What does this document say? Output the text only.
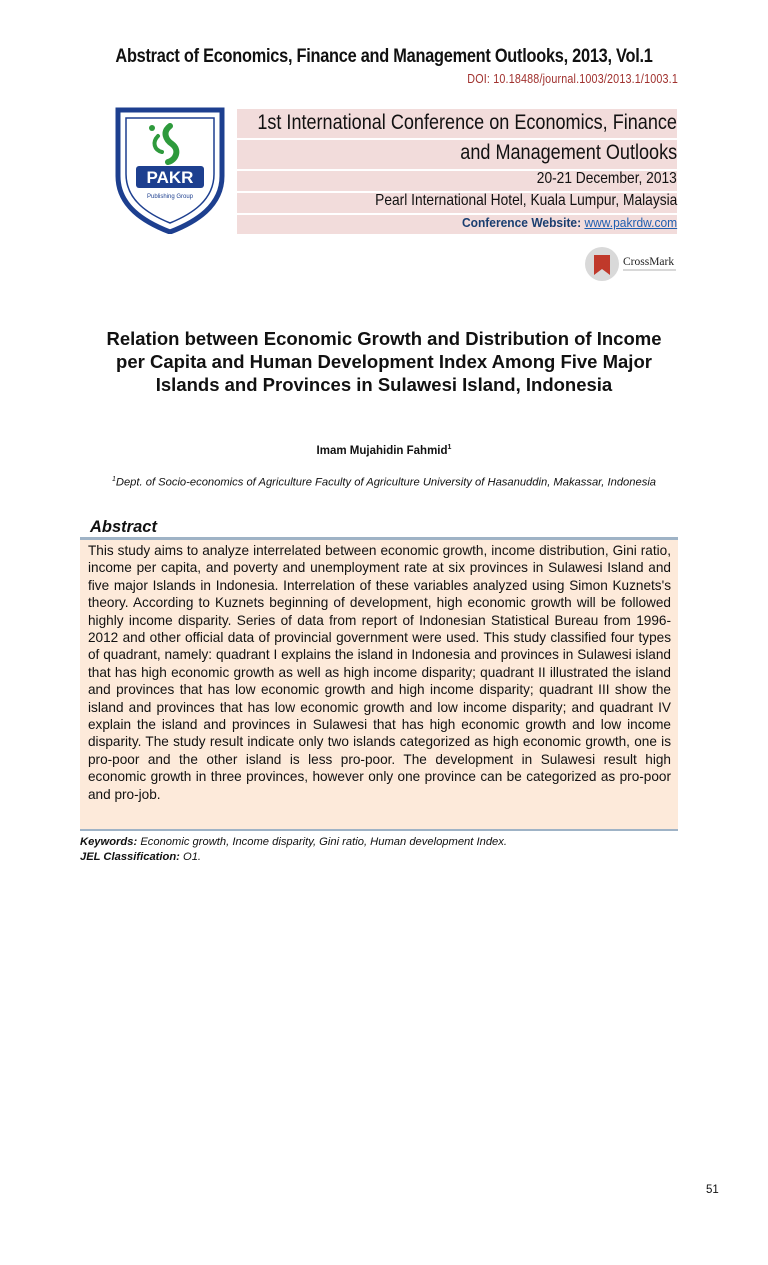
Abstract of Economics, Finance and Management Outlooks, 2013, Vol.1
DOI: 10.18488/journal.1003/2013.1/1003.1
PAKR
Publishing Group
1st International Conference on Economics, Finance
and Management Outlooks
20-21 December, 2013
Pearl International Hotel, Kuala Lumpur, Malaysia
Conference Website: www.pakrdw.com
CrossMark
Relation between Economic Growth and Distribution of Income per Capita and Human Development Index Among Five Major Islands and Provinces in Sulawesi Island, Indonesia
Imam Mujahidin Fahmid$^1$
$^1$Dept. of Socio-economics of Agriculture Faculty of Agriculture University of Hasanuddin, Makassar, Indonesia
Abstract
This study aims to analyze interrelated between economic growth, income distribution, Gini ratio, income per capita, and poverty and unemployment rate at six provinces in Sulawesi Island and five major Islands in Indonesia. Interrelation of these variables analyzed using Simon Kuznets's theory. According to Kuznets beginning of development, high economic growth will be followed highly income disparity. Series of data from report of Indonesian Statistical Bureau from 1996-2012 and other official data of provincial government were used. This study classified four types of quadrant, namely: quadrant I explains the island in Indonesia and provinces in Sulawesi island that has high economic growth as well as high income disparity; quadrant II illustrated the island and provinces that has low economic growth and high income disparity; quadrant III show the island and provinces that has low economic growth and low income disparity; and quadrant IV explain the island and provinces in Sulawesi that has high economic growth and low income disparity. The study result indicate only two islands categorized as high economic growth, one is pro-poor and the other island is less pro-poor. The development in Sulawesi result high economic growth in three provinces, however only one province can be categorized as pro-poor and pro-job.
Keywords: Economic growth, Income disparity, Gini ratio, Human development Index.
JEL Classification: O1.
51
